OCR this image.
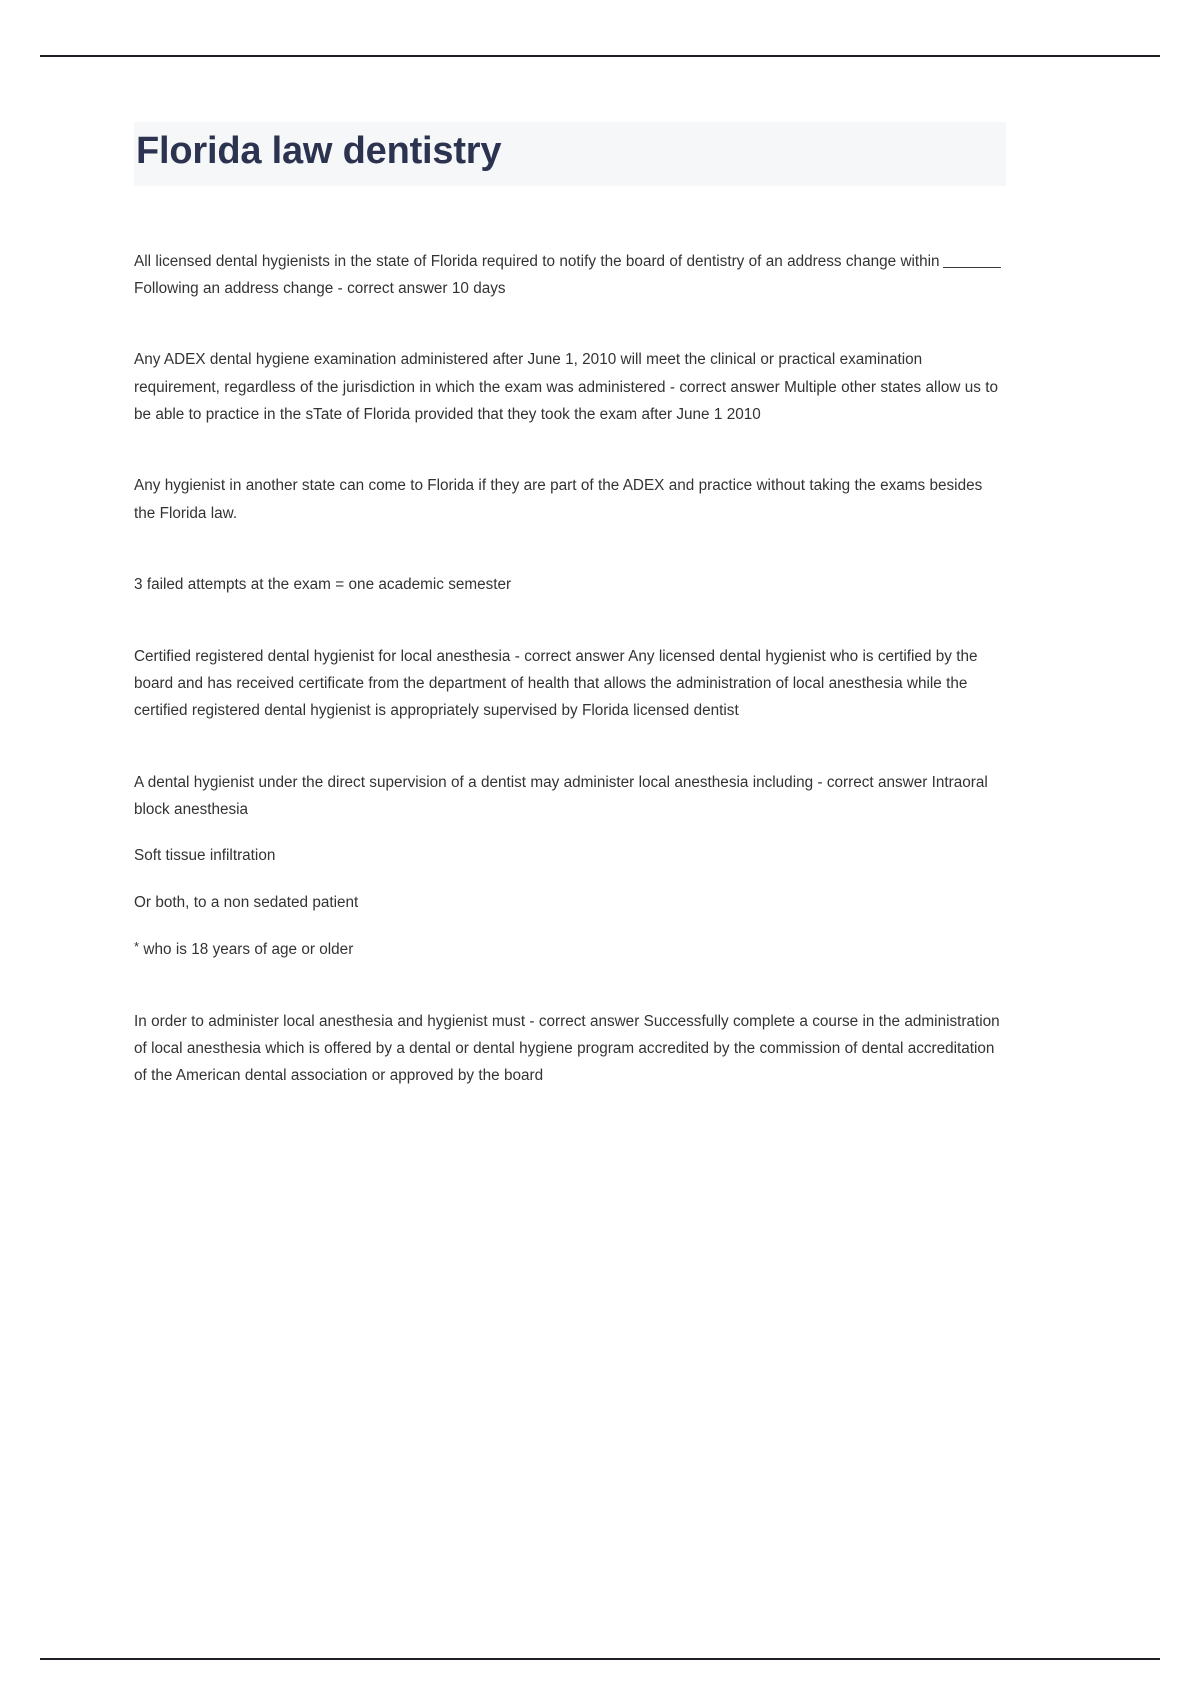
Florida law dentistry

All licensed dental hygienists in the state of Florida required to notify the board of dentistry of an address change withinFollowing an address change - correct answer 10 days

Any ADEX dental hygiene examination administered after June 1, 2010 will meet the clinical or practical examination requirement, regardless of the jurisdiction in which the exam was administered - correct answer Multiple other states allow us to be able to practice in the sTate of Florida provided that they took the exam after June 1 2010

Any hygienist in another state can come to Florida if they are part of the ADEX and practice without taking the exams besides the Florida law.

3 failed attempts at the exam = one academic semester

Certified registered dental hygienist for local anesthesia - correct answer Any licensed dental hygienist who is certified by the board and has received certificate from the department of health that allows the administration of local anesthesia while the certified registered dental hygienist is appropriately supervised by Florida licensed dentist

A dental hygienist under the direct supervision of a dentist may administer local anesthesia including - correct answer Intraoral block anesthesia

Soft tissue infiltration

Or both, to a non sedated patient

* who is 18 years of age or older

In order to administer local anesthesia and hygienist must - correct answer Successfully complete a course in the administration of local anesthesia which is offered by a dental or dental hygiene program accredited by the commission of dental accreditation of the American dental association or approved by the board
